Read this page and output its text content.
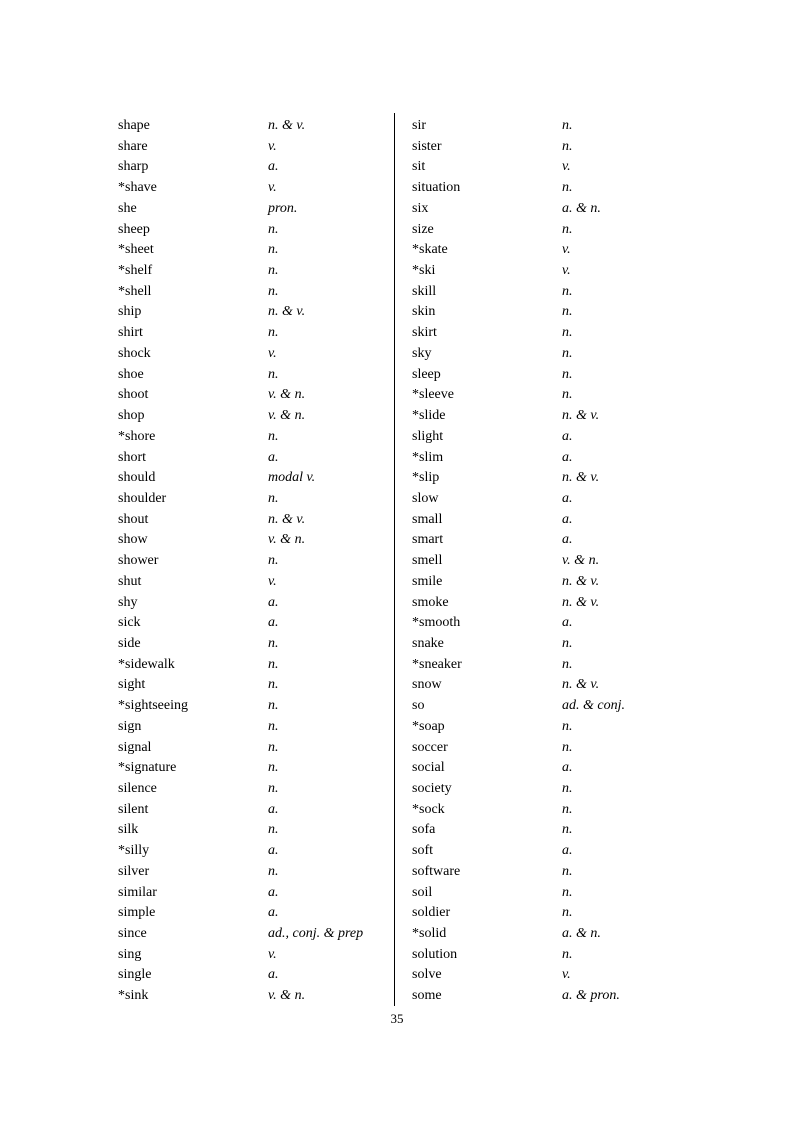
shape	n. & v.
share	v.
sharp	a.
*shave	v.
she	pron.
sheep	n.
*sheet	n.
*shelf	n.
*shell	n.
ship	n. & v.
shirt	n.
shock	v.
shoe	n.
shoot	v. & n.
shop	v. & n.
*shore	n.
short	a.
should	modal v.
shoulder	n.
shout	n. & v.
show	v. & n.
shower	n.
shut	v.
shy	a.
sick	a.
side	n.
*sidewalk	n.
sight	n.
*sightseeing	n.
sign	n.
signal	n.
*signature	n.
silence	n.
silent	a.
silk	n.
*silly	a.
silver	n.
similar	a.
simple	a.
since	ad., conj. & prep
sing	v.
single	a.
*sink	v. & n.
sir	n.
sister	n.
sit	v.
situation	n.
six	a. & n.
size	n.
*skate	v.
*ski	v.
skill	n.
skin	n.
skirt	n.
sky	n.
sleep	n.
*sleeve	n.
*slide	n. & v.
slight	a.
*slim	a.
*slip	n. & v.
slow	a.
small	a.
smart	a.
smell	v. & n.
smile	n. & v.
smoke	n. & v.
*smooth	a.
snake	n.
*sneaker	n.
snow	n. & v.
so	ad. & conj.
*soap	n.
soccer	n.
social	a.
society	n.
*sock	n.
sofa	n.
soft	a.
software	n.
soil	n.
soldier	n.
*solid	a. & n.
solution	n.
solve	v.
some	a. & pron.
35
